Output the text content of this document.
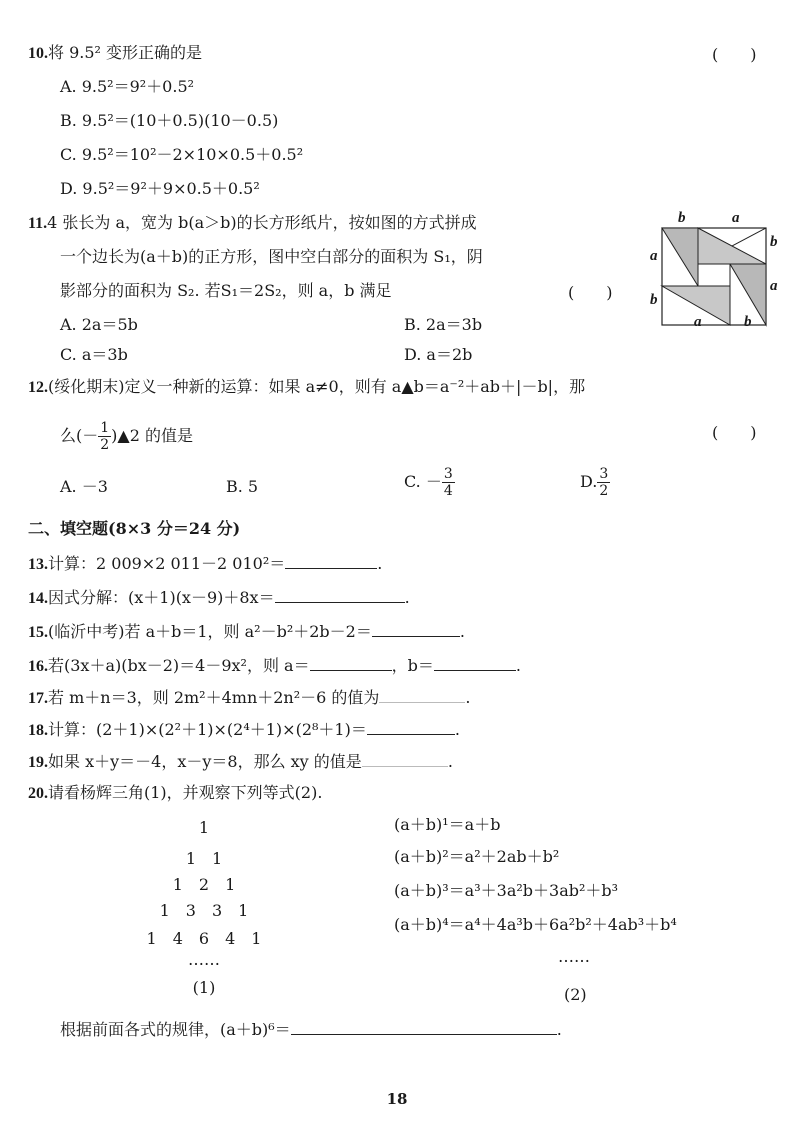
10.将 9.5² 变形正确的是	(　　)
A. 9.5²＝9²＋0.5²
B. 9.5²＝(10＋0.5)(10－0.5)
C. 9.5²＝10²－2×10×0.5＋0.5²
D. 9.5²＝9²＋9×0.5＋0.5²
11.4 张长为 a，宽为 b(a＞b)的长方形纸片，按如图的方式拼成
一个边长为(a＋b)的正方形，图中空白部分的面积为 S₁，阴
影部分的面积为 S₂. 若S₁＝2S₂，则 a，b 满足	(　　)
A. 2a＝5b	B. 2a＝3b
C. a＝3b	D. a＝2b
b	a
a
b
b
a
a	b
12.(绥化期末)定义一种新的运算：如果 a≠0，则有 a▲b＝a⁻²＋ab＋|－b|，那
么(－ $\frac{1}{2}$ )▲2 的值是	(　　)
A. －3	B. 5	C. － $\frac{3}{4}$	D. $\frac{3}{2}$
二、填空题(8×3 分＝24 分)
13.计算：2 009×2 011－2 010²＝	.
14.因式分解：(x＋1)(x－9)＋8x＝	.
15.(临沂中考)若 a＋b＝1，则 a²－b²＋2b－2＝	.
16.若(3x＋a)(bx－2)＝4－9x²，则 a＝	，b＝	.
17.若 m＋n＝3，则 2m²＋4mn＋2n²－6 的值为	.
18.计算：(2＋1)×(2²＋1)×(2⁴＋1)×(2⁸＋1)＝	.
19.如果 x＋y＝－4，x－y＝8，那么 xy 的值是	.
20.请看杨辉三角(1)，并观察下列等式(2).
1
1　1
1　2　1
1　3　3　1
1　4　6　4　1
……
(1)
(a＋b)¹＝a＋b
(a＋b)²＝a²＋2ab＋b²
(a＋b)³＝a³＋3a²b＋3ab²＋b³
(a＋b)⁴＝a⁴＋4a³b＋6a²b²＋4ab³＋b⁴
……
(2)
根据前面各式的规律，(a＋b)⁶＝	.
18
